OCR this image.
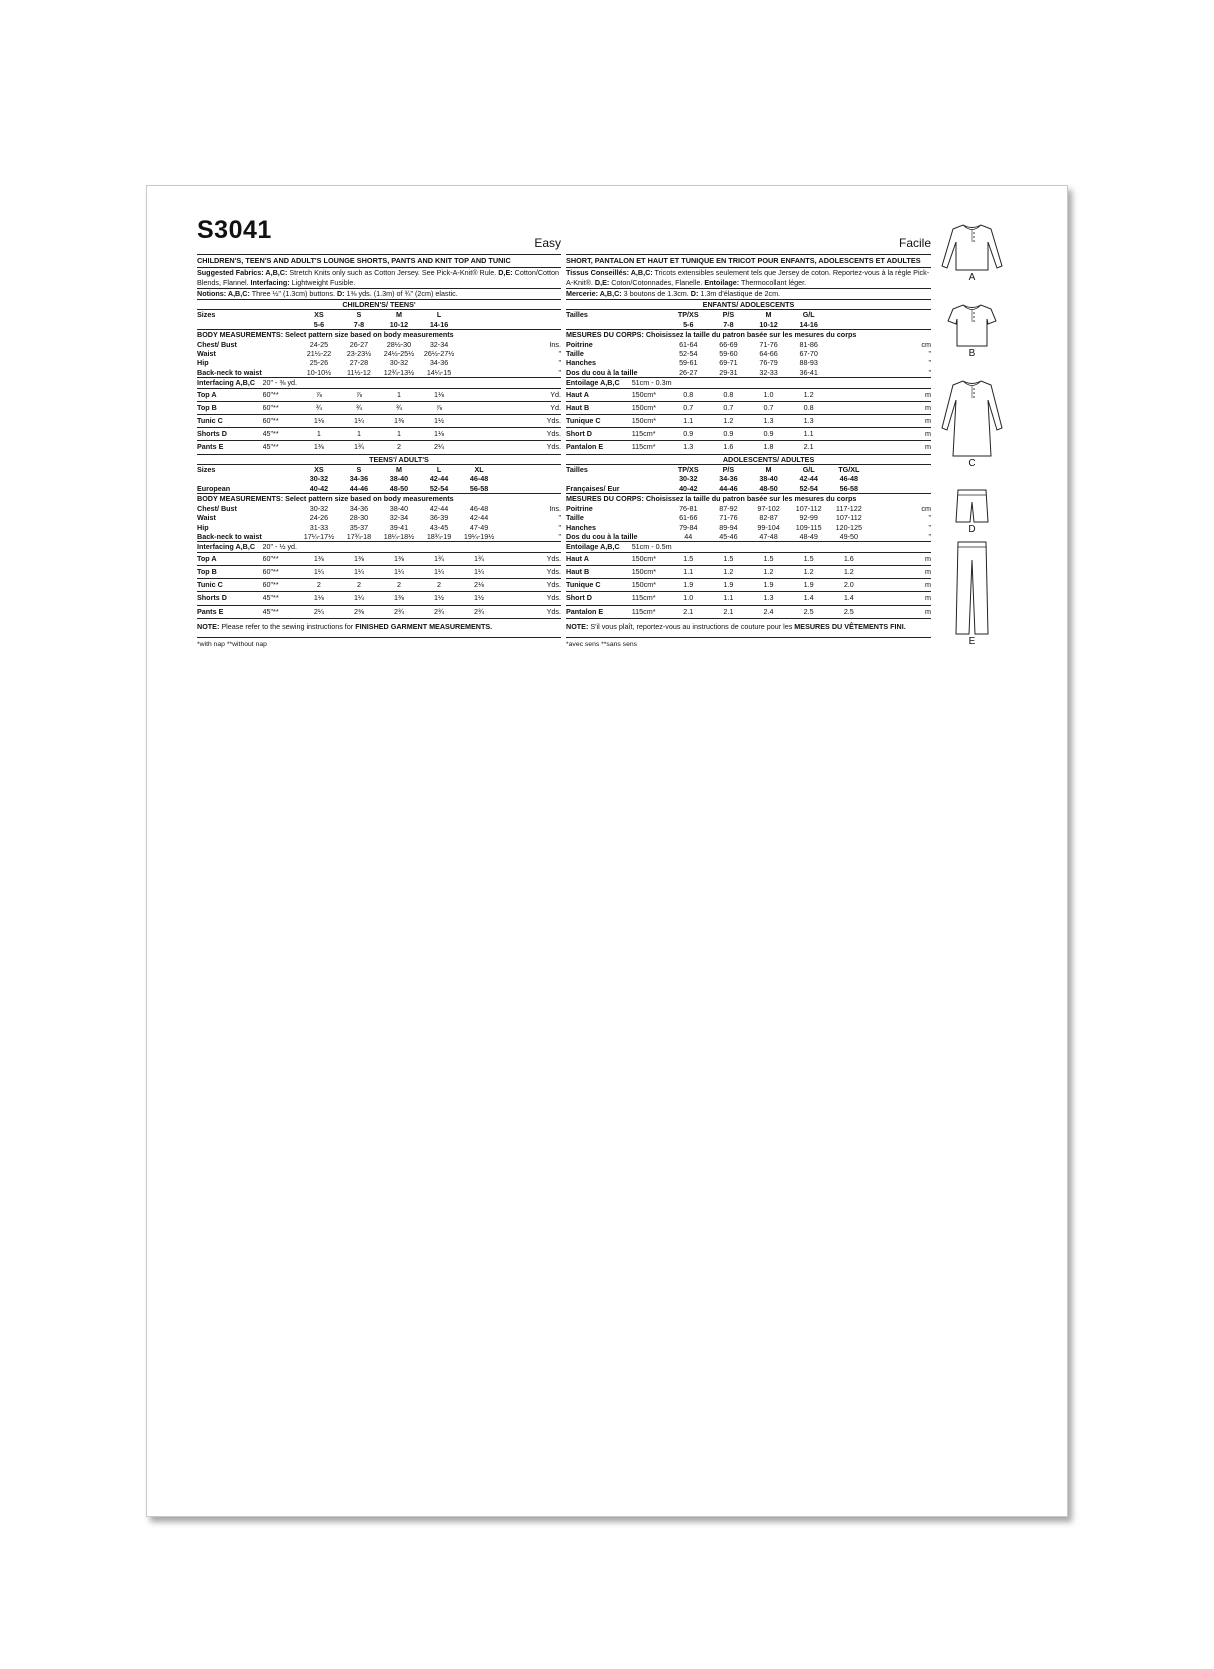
S3041	Easy
CHILDREN'S, TEEN'S AND ADULT'S LOUNGE SHORTS, PANTS AND KNIT TOP AND TUNIC
Suggested Fabrics: A,B,C: Stretch Knits only such as Cotton Jersey. See Pick-A-Knit® Rule. D,E: Cotton/Cotton Blends, Flannel. Interfacing: Lightweight Fusible.
Notions: A,B,C: Three ½" (1.3cm) buttons. D: 1⅜ yds. (1.3m) of ¾" (2cm) elastic.
		CHILDREN'S/ TEENS'					
Sizes		XS	S	M	L		
		5-6	7-8	10-12	14-16		
BODY MEASUREMENTS: Select pattern size based on body measurements							
Chest/ Bust		24-25	26-27	28½-30	32-34		Ins.
Waist		21½-22	23-23½	24½-25½	26½-27½		"
Hip		25-26	27-28	30-32	34-36		"
Back-neck to waist		10-10½	11½-12	12¾-13½	14¼-15		"
Interfacing A,B,C	20" - ⅜ yd.						
Top A	60"**	⅞	⅞	1	1⅛		Yd.
Top B	60"**	¾	¾	¾	⅞		Yd.
Tunic C	60"**	1⅛	1¼	1⅜	1½		Yds.
Shorts D	45"**	1	1	1	1⅛		Yds.
Pants E	45"**	1⅜	1¾	2	2¼		Yds.
		TEENS'/ ADULT'S					
Sizes		XS	S	M	L	XL	
		30-32	34-36	38-40	42-44	46-48	
European		40-42	44-46	48-50	52-54	56-58	
BODY MEASUREMENTS: Select pattern size based on body measurements							
Chest/ Bust		30-32	34-36	38-40	42-44	46-48	Ins.
Waist		24-26	28-30	32-34	36-39	42-44	"
Hip		31-33	35-37	39-41	43-45	47-49	"
Back-neck to waist		17¼-17½	17¾-18	18¼-18½	18¾-19	19¼-19½	"
Interfacing A,B,C	20" - ½ yd.						
Top A	60"**	1⅜	1⅜	1⅜	1¾	1¾	Yds.
Top B	60"**	1¼	1¼	1¼	1¼	1¼	Yds.
Tunic C	60"**	2	2	2	2	2⅛	Yds.
Shorts D	45"**	1⅛	1¼	1⅜	1½	1½	Yds.
Pants E	45"**	2¼	2⅜	2¾	2¾	2¾	Yds.
NOTE: Please refer to the sewing instructions for FINISHED GARMENT MEASUREMENTS.
*with nap **without nap
Facile
SHORT, PANTALON ET HAUT ET TUNIQUE EN TRICOT POUR ENFANTS, ADOLESCENTS ET ADULTES
Tissus Conseillés: A,B,C: Tricots extensibles seulement tels que Jersey de coton. Reportez-vous à la règle Pick-A-Knit®. D,E: Coton/Cotonnades, Flanelle. Entoilage: Thermocollant léger.
Mercerie: A,B,C: 3 boutons de 1.3cm. D: 1.3m d'élastique de 2cm.
		ENFANTS/ ADOLESCENTS					
Tailles		TP/XS	P/S	M	G/L		
		5-6	7-8	10-12	14-16		
MESURES DU CORPS: Choisissez la taille du patron basée sur les mesures du corps							
Poitrine		61-64	66-69	71-76	81-86		cm
Taille		52-54	59-60	64-66	67-70		"
Hanches		59-61	69-71	76-79	88-93		"
Dos du cou à la taille		26-27	29-31	32-33	36-41		"
Entoilage A,B,C	51cm - 0.3m						
Haut A	150cm*	0.8	0.8	1.0	1.2		m
Haut B	150cm*	0.7	0.7	0.7	0.8		m
Tunique C	150cm*	1.1	1.2	1.3	1.3		m
Short D	115cm*	0.9	0.9	0.9	1.1		m
Pantalon E	115cm*	1.3	1.6	1.8	2.1		m
		ADOLESCENTS/ ADULTES					
Tailles		TP/XS	P/S	M	G/L	TG/XL	
		30-32	34-36	38-40	42-44	46-48	
Françaises/ Eur		40-42	44-46	48-50	52-54	56-58	
MESURES DU CORPS: Choisissez la taille du patron basée sur les mesures du corps							
Poitrine		76-81	87-92	97-102	107-112	117-122	cm
Taille		61-66	71-76	82-87	92-99	107-112	"
Hanches		79-84	89-94	99-104	109-115	120-125	"
Dos du cou à la taille		44	45-46	47-48	48-49	49-50	"
Entoilage A,B,C	51cm - 0.5m						
Haut A	150cm*	1.5	1.5	1.5	1.5	1.6	m
Haut B	150cm*	1.1	1.2	1.2	1.2	1.2	m
Tunique C	150cm*	1.9	1.9	1.9	1.9	2.0	m
Short D	115cm*	1.0	1.1	1.3	1.4	1.4	m
Pantalon E	115cm*	2.1	2.1	2.4	2.5	2.5	m
NOTE: S'il vous plaît, reportez-vous au instructions de couture pour les MESURES DU VÊTEMENTS FINI.
*avec sens **sans sens
A
B
C
D
E
